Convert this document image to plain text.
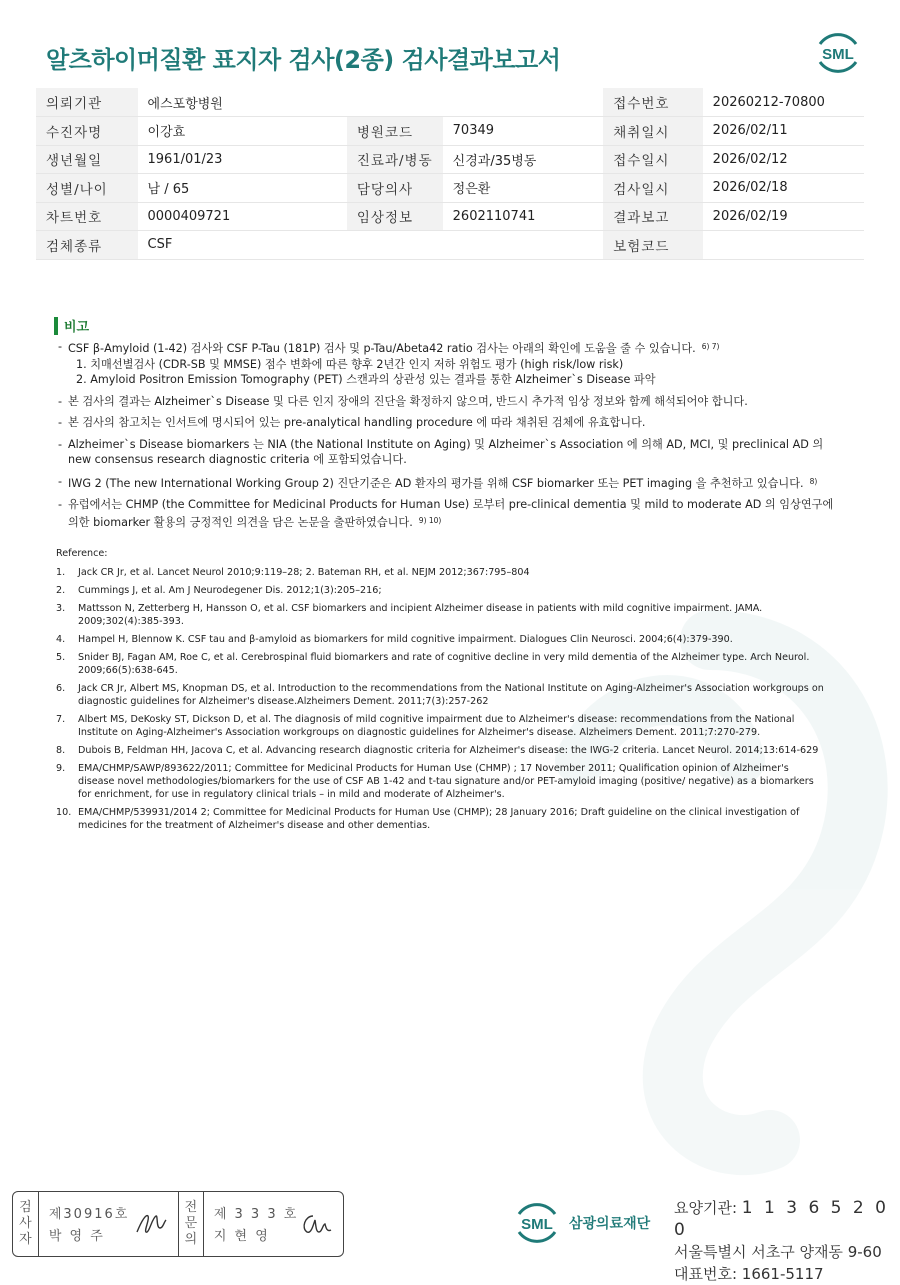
알츠하이머질환 표지자 검사(2종) 검사결과보고서	SML
의뢰기관	에스포항병원			접수번호	20260212-70800
수진자명	이강효	병원코드	70349	채취일시	2026/02/11
생년월일	1961/01/23	진료과/병동	신경과/35병동	접수일시	2026/02/12
성별/나이	남 / 65	담당의사	정은환	검사일시	2026/02/18
차트번호	0000409721	임상정보	2602110741	결과보고	2026/02/19
검체종류	CSF			보험코드	
비고
- CSF β-Amyloid (1-42) 검사와 CSF P-Tau (181P) 검사 및 p-Tau/Abeta42 ratio 검사는 아래의 확인에 도움을 줄 수 있습니다. $^{6) 7)}$
1. 치매선별검사 (CDR-SB 및 MMSE) 점수 변화에 따른 향후 2년간 인지 저하 위험도 평가 (high risk/low risk)
2. Amyloid Positron Emission Tomography (PET) 스캔과의 상관성 있는 결과를 통한 Alzheimer`s Disease 파악
- 본 검사의 결과는 Alzheimer`s Disease 및 다른 인지 장애의 진단을 확정하지 않으며, 반드시 추가적 임상 정보와 함께 해석되어야 합니다.
- 본 검사의 참고치는 인서트에 명시되어 있는 pre-analytical handling procedure 에 따라 채취된 검체에 유효합니다.
- Alzheimer`s Disease biomarkers 는 NIA (the National Institute on Aging) 및 Alzheimer`s Association 에 의해 AD, MCI, 및 preclinical AD 의 new consensus research diagnostic criteria 에 포함되었습니다.
- IWG 2 (The new International Working Group 2) 진단기준은 AD 환자의 평가를 위해 CSF biomarker 또는 PET imaging 을 추천하고 있습니다. $^{8)}$
- 유럽에서는 CHMP (the Committee for Medicinal Products for Human Use) 로부터 pre-clinical dementia 및 mild to moderate AD 의 임상연구에 의한 biomarker 활용의 긍정적인 의견을 담은 논문을 출판하였습니다. $^{9) 10)}$
Reference:
1.	Jack CR Jr, et al. Lancet Neurol 2010;9:119–28; 2. Bateman RH, et al. NEJM 2012;367:795–804
2.	Cummings J, et al. Am J Neurodegener Dis. 2012;1(3):205–216;
3.	Mattsson N, Zetterberg H, Hansson O, et al. CSF biomarkers and incipient Alzheimer disease in patients with mild cognitive impairment. JAMA. 2009;302(4):385-393.
4.	Hampel H, Blennow K. CSF tau and β-amyloid as biomarkers for mild cognitive impairment. Dialogues Clin Neurosci. 2004;6(4):379-390.
5.	Snider BJ, Fagan AM, Roe C, et al. Cerebrospinal fluid biomarkers and rate of cognitive decline in very mild dementia of the Alzheimer type. Arch Neurol. 2009;66(5):638-645.
6.	Jack CR Jr, Albert MS, Knopman DS, et al. Introduction to the recommendations from the National Institute on Aging-Alzheimer's Association workgroups on diagnostic guidelines for Alzheimer's disease.Alzheimers Dement. 2011;7(3):257-262
7.	Albert MS, DeKosky ST, Dickson D, et al. The diagnosis of mild cognitive impairment due to Alzheimer's disease: recommendations from the National Institute on Aging-Alzheimer's Association workgroups on diagnostic guidelines for Alzheimer's disease. Alzheimers Dement. 2011;7:270-279.
8.	Dubois B, Feldman HH, Jacova C, et al. Advancing research diagnostic criteria for Alzheimer's disease: the IWG-2 criteria. Lancet Neurol. 2014;13:614-629
9.	EMA/CHMP/SAWP/893622/2011; Committee for Medicinal Products for Human Use (CHMP) ; 17 November 2011; Qualification opinion of Alzheimer's disease novel methodologies/biomarkers for the use of CSF AB 1-42 and t-tau signature and/or PET-amyloid imaging (positive/ negative) as a biomarkers for enrichment, for use in regulatory clinical trials – in mild and moderate of Alzheimer's.
10. EMA/CHMP/539931/2014 2; Committee for Medicinal Products for Human Use (CHMP); 28 January 2016; Draft guideline on the clinical investigation of medicines for the treatment of Alzheimer's disease and other dementias.
검
사
자
제30916호
박 영 주
전
문
의
제 3 3 3 호
지 현 영
SML 삼광의료재단
요양기관: 1 1 3 6 5 2 0 0
서울특별시 서초구 양재동 9-60
대표번호: 1661-5117
